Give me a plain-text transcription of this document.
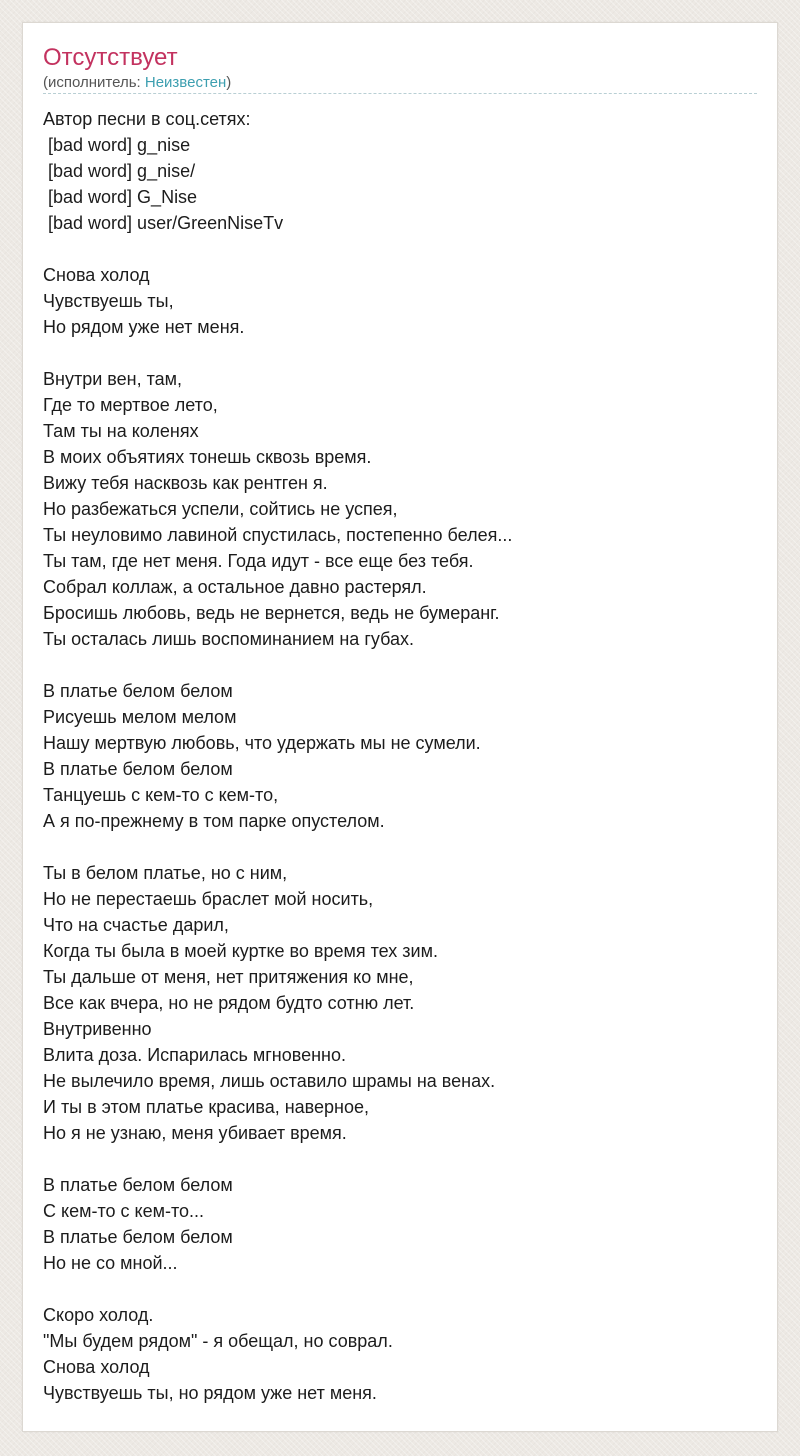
Отсутствует
(исполнитель: Неизвестен)
Автор песни в соц.сетях:
[bad word] g_nise
[bad word] g_nise/
[bad word] G_Nise
[bad word] user/GreenNiseTv
Снова холод
Чувствуешь ты,
Но рядом уже нет меня.
Внутри вен, там,
Где то мертвое лето,
Там ты на коленях
В моих объятиях тонешь сквозь время.
Вижу тебя насквозь как рентген я.
Но разбежаться успели, сойтись не успея,
Ты неуловимо лавиной спустилась, постепенно белея...
Ты там, где нет меня. Года идут - все еще без тебя.
Собрал коллаж, а остальное давно растерял.
Бросишь любовь, ведь не вернется, ведь не бумеранг.
Ты осталась лишь воспоминанием на губах.
В платье белом белом
Рисуешь мелом мелом
Нашу мертвую любовь, что удержать мы не сумели.
В платье белом белом
Танцуешь с кем-то с кем-то,
А я по-прежнему в том парке опустелом.
Ты в белом платье, но с ним,
Но не перестаешь браслет мой носить,
Что на счастье дарил,
Когда ты была в моей куртке во время тех зим.
Ты дальше от меня, нет притяжения ко мне,
Все как вчера, но не рядом будто сотню лет.
Внутривенно
Влита доза. Испарилась мгновенно.
Не вылечило время, лишь оставило шрамы на венах.
И ты в этом платье красива, наверное,
Но я не узнаю, меня убивает время.
В платье белом белом
С кем-то с кем-то...
В платье белом белом
Но не со мной...
Скоро холод.
"Мы будем рядом" - я обещал, но соврал.
Снова холод
Чувствуешь ты, но рядом уже нет меня.
